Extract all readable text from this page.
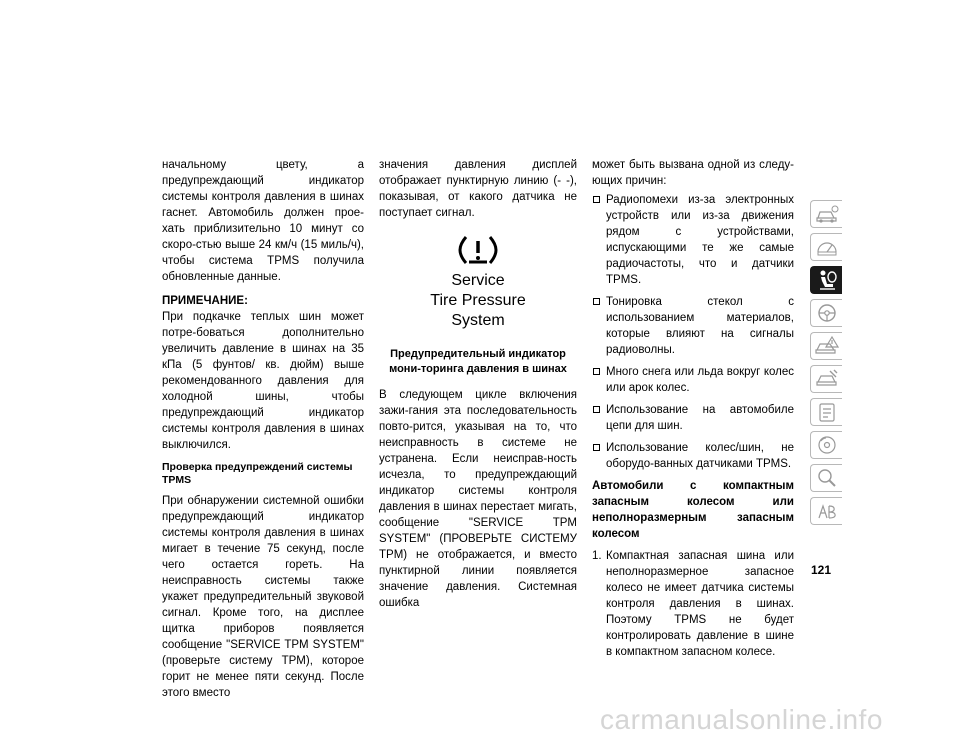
начальному цвету, а предупреждающий индикатор системы контроля давления в шинах гаснет. Автомобиль должен прое-хать приблизительно 10 минут со скоро-стью выше 24 км/ч (15 миль/ч), чтобы система TPMS получила обновленные данные.

ПРИМЕЧАНИЕ:

При подкачке теплых шин может потре-боваться дополнительно увеличить давление в шинах на 35 кПа (5 фунтов/ кв. дюйм) выше рекомендованного давления для холодной шины, чтобы предупреждающий индикатор системы контроля давления в шинах выключился.

Проверка предупреждений системы TPMS

При обнаружении системной ошибки предупреждающий индикатор системы контроля давления в шинах мигает в течение 75 секунд, после чего остается гореть. На неисправность системы также укажет предупредительный звуковой сигнал. Кроме того, на дисплее щитка приборов появляется сообщение "SERVICE TPM SYSTEM" (проверьте систему TPM), которое горит не менее пяти секунд. После этого вместо

значения давления дисплей отображает пунктирную линию (- -), показывая, от какого датчика не поступает сигнал.

Service
Tire Pressure
System

Предупредительный индикатор мони-торинга давления в шинах

В следующем цикле включения зажи-гания эта последовательность повто-рится, указывая на то, что неисправность в системе не устранена. Если неисправ-ность исчезла, то предупреждающий индикатор системы контроля давления в шинах перестает мигать, сообщение "SERVICE TPM SYSTEM" (ПРОВЕРЬТЕ СИСТЕМУ TPM) не отображается, и вместо пунктирной линии появляется значение давления. Системная ошибка

может быть вызвана одной из следу-ющих причин:

Радиопомехи из-за электронных устройств или из-за движения рядом с устройствами, испускающими те же самые радиочастоты, что и датчики TPMS.
Тонировка стекол с использованием материалов, которые влияют на сигналы радиоволны.
Много снега или льда вокруг колес или арок колес.
Использование на автомобиле цепи для шин.
Использование колес/шин, не оборудо-ванных датчиками TPMS.

Автомобили с компактным запасным колесом или неполноразмерным запасным колесом

1. Компактная запасная шина или неполноразмерное запасное колесо не имеет датчика системы контроля давления в шинах. Поэтому TPMS не будет контролировать давление в шине в компактном запасном колесе.
121
carmanualsonline.info
